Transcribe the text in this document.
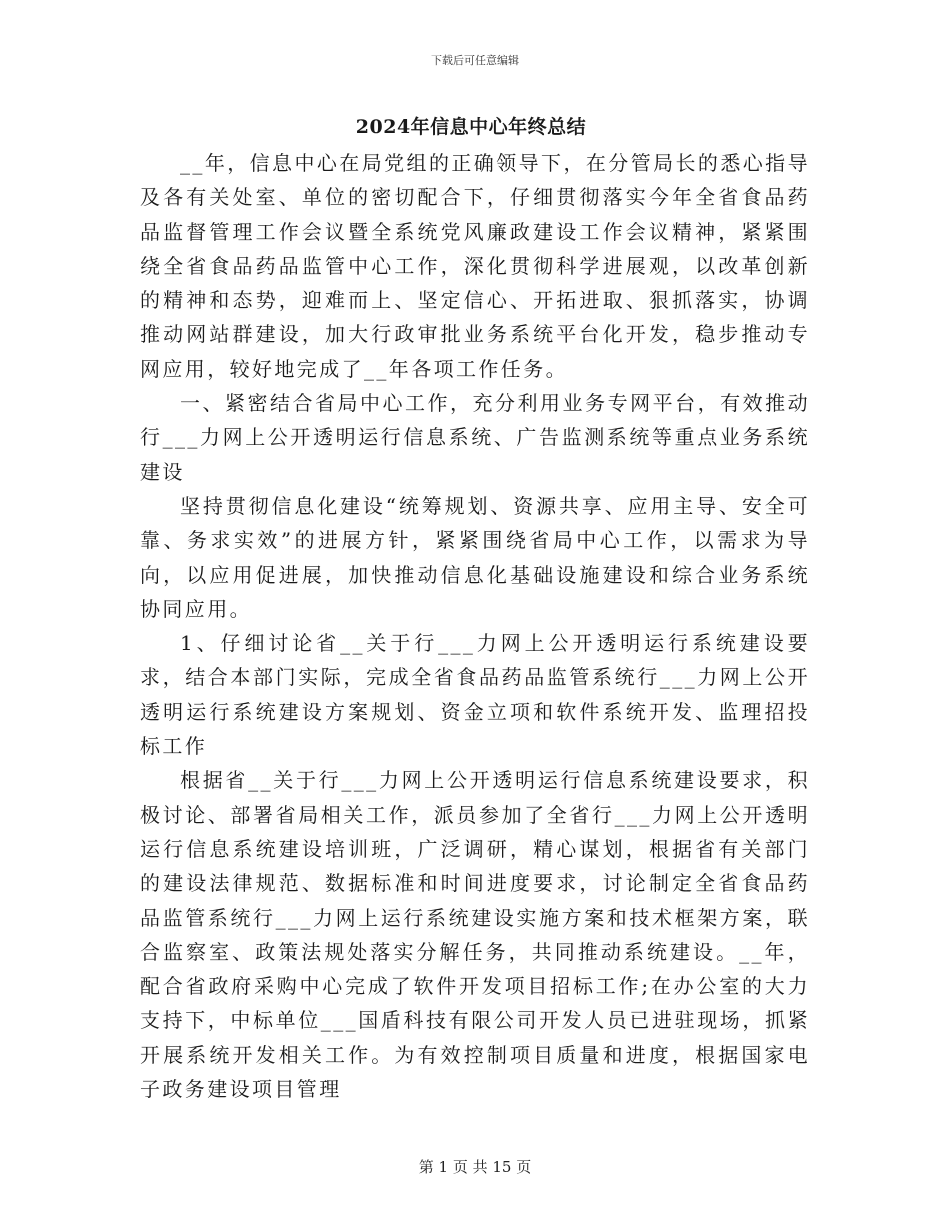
下载后可任意编辑
2024年信息中心年终总结

__年，信息中心在局党组的正确领导下，在分管局长的悉心指导及各有关处室、单位的密切配合下，仔细贯彻落实今年全省食品药品监督管理工作会议暨全系统党风廉政建设工作会议精神，紧紧围绕全省食品药品监管中心工作，深化贯彻科学进展观，以改革创新的精神和态势，迎难而上、坚定信心、开拓进取、狠抓落实，协调推动网站群建设，加大行政审批业务系统平台化开发，稳步推动专网应用，较好地完成了__年各项工作任务。

一、紧密结合省局中心工作，充分利用业务专网平台，有效推动行___力网上公开透明运行信息系统、广告监测系统等重点业务系统建设

坚持贯彻信息化建设“统筹规划、资源共享、应用主导、安全可靠、务求实效”的进展方针，紧紧围绕省局中心工作，以需求为导向，以应用促进展，加快推动信息化基础设施建设和综合业务系统协同应用。

1、仔细讨论省__关于行___力网上公开透明运行系统建设要求，结合本部门实际，完成全省食品药品监管系统行___力网上公开透明运行系统建设方案规划、资金立项和软件系统开发、监理招投标工作

根据省__关于行___力网上公开透明运行信息系统建设要求，积极讨论、部署省局相关工作，派员参加了全省行___力网上公开透明运行信息系统建设培训班，广泛调研，精心谋划，根据省有关部门的建设法律规范、数据标准和时间进度要求，讨论制定全省食品药品监管系统行___力网上运行系统建设实施方案和技术框架方案，联合监察室、政策法规处落实分解任务，共同推动系统建设。__年，配合省政府采购中心完成了软件开发项目招标工作;在办公室的大力支持下，中标单位___国盾科技有限公司开发人员已进驻现场，抓紧开展系统开发相关工作。为有效控制项目质量和进度，根据国家电子政务建设项目管理

第 1 页 共 15 页
